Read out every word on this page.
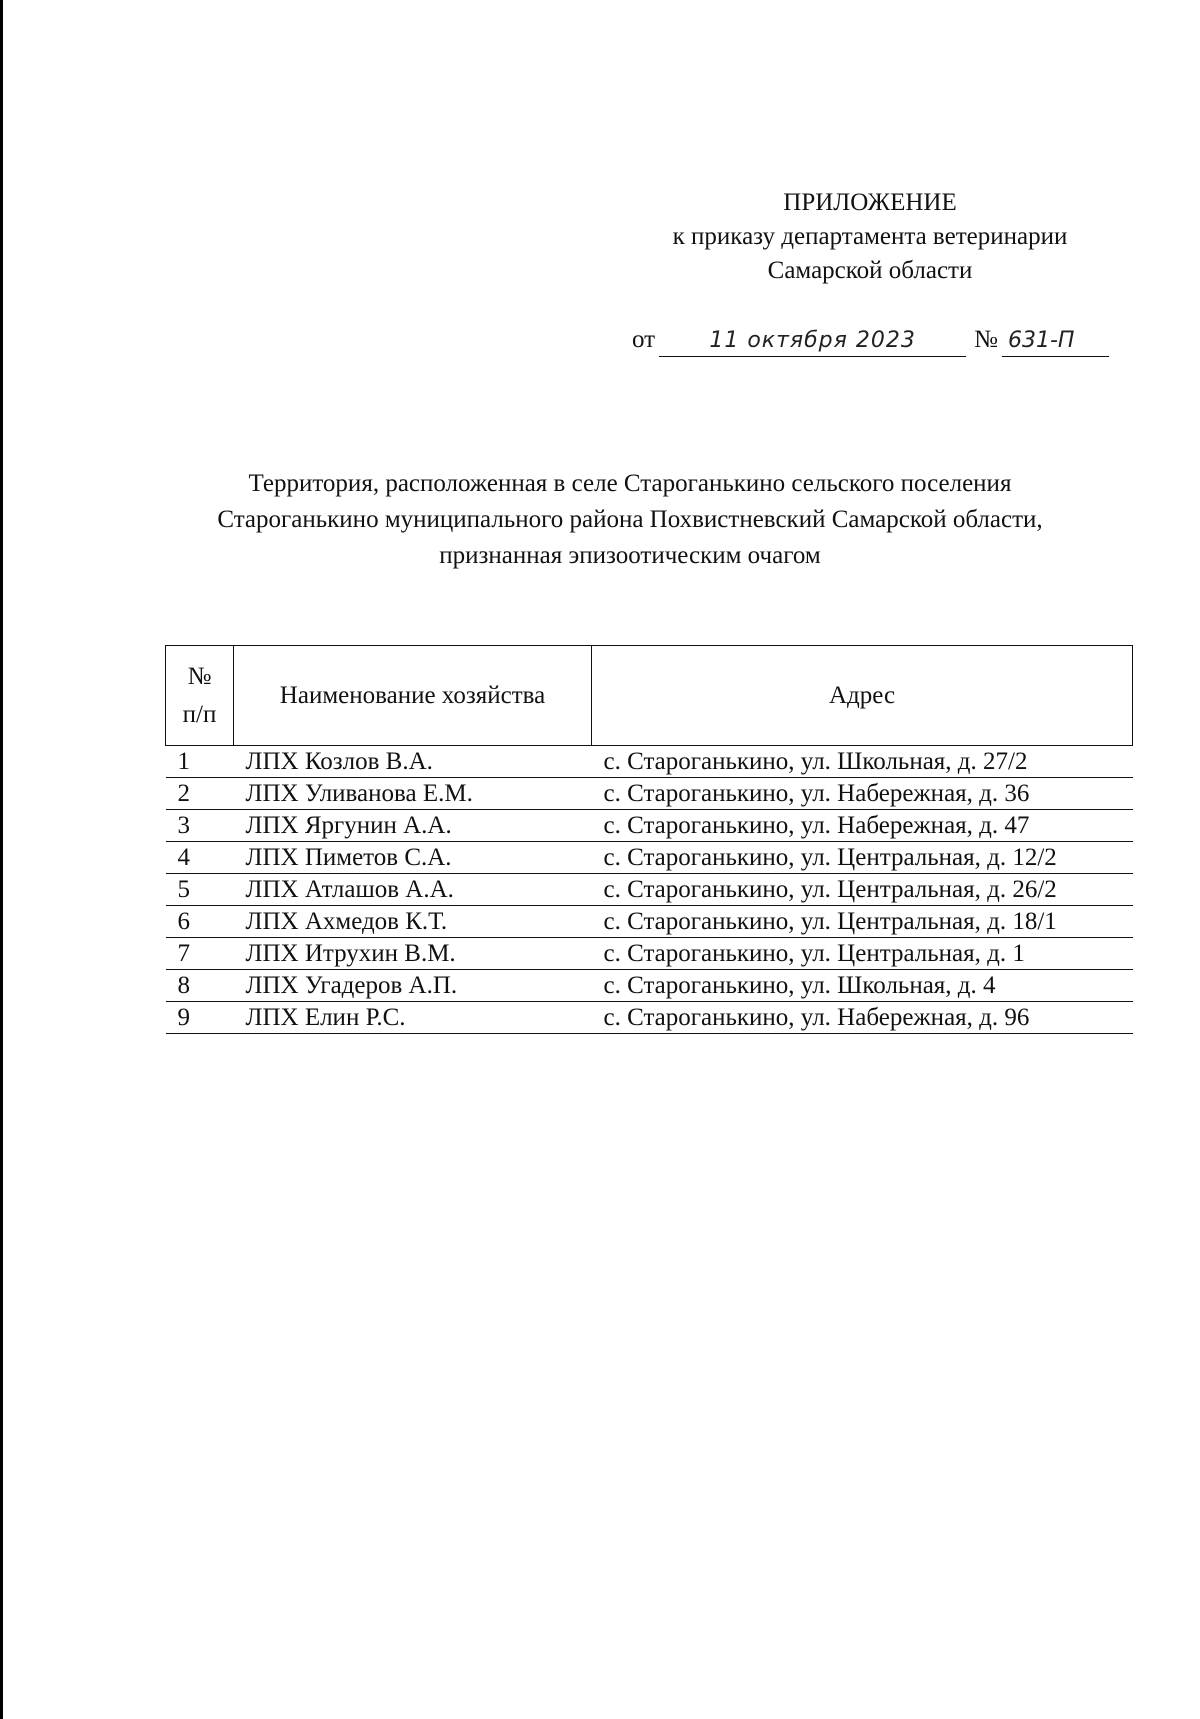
ПРИЛОЖЕНИЕ
к приказу департамента ветеринарии
Самарской области
от 11 октября 2023 № 631-П
Территория, расположенная в селе Староганькино сельского поселения
Староганькино муниципального района Похвистневский Самарской области,
признанная эпизоотическим очагом
№
п/п	Наименование хозяйства	Адрес
1	ЛПХ Козлов В.А.	с. Староганькино, ул. Школьная, д. 27/2
2	ЛПХ Уливанова Е.М.	с. Староганькино, ул. Набережная, д. 36
3	ЛПХ Яргунин А.А.	с. Староганькино, ул. Набережная, д. 47
4	ЛПХ Пиметов С.А.	с. Староганькино, ул. Центральная, д. 12/2
5	ЛПХ Атлашов А.А.	с. Староганькино, ул. Центральная, д. 26/2
6	ЛПХ Ахмедов К.Т.	с. Староганькино, ул. Центральная, д. 18/1
7	ЛПХ Итрухин В.М.	с. Староганькино, ул. Центральная, д. 1
8	ЛПХ Угадеров А.П.	с. Староганькино, ул. Школьная, д. 4
9	ЛПХ Елин Р.С.	с. Староганькино, ул. Набережная, д. 96
